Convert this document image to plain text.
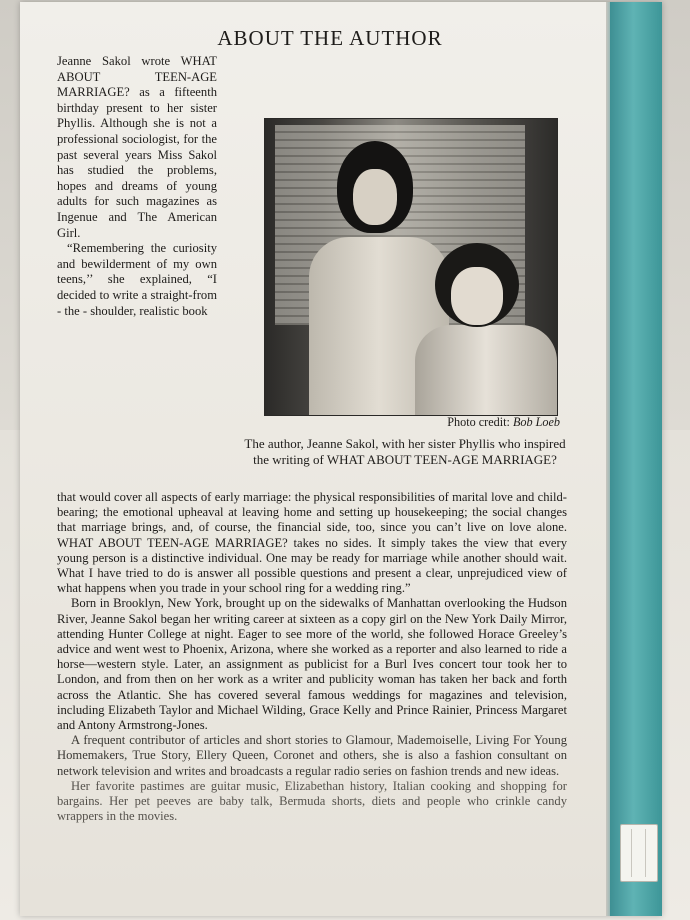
ABOUT THE AUTHOR

Jeanne Sakol wrote WHAT ABOUT TEEN-AGE MARRIAGE? as a fifteenth birthday present to her sister Phyllis. Although she is not a professional sociologist, for the past several years Miss Sakol has studied the problems, hopes and dreams of young adults for such magazines as Ingenue and The American Girl.

“Remembering the curiosity and bewilderment of my own teens,’’ she explained, “I decided to write a straight-from - the - shoulder, realistic book

Photo credit: Bob Loeb

The author, Jeanne Sakol, with her sister Phyllis who inspired the writing of WHAT ABOUT TEEN-AGE MARRIAGE?

that would cover all aspects of early marriage: the physical responsibilities of marital love and child-bearing; the emotional upheaval at leaving home and setting up housekeeping; the social changes that marriage brings, and, of course, the financial side, too, since you can’t live on love alone. WHAT ABOUT TEEN-AGE MARRIAGE? takes no sides. It simply takes the view that every young person is a distinctive individual. One may be ready for marriage while another should wait. What I have tried to do is answer all possible questions and present a clear, unprejudiced view of what happens when you trade in your school ring for a wedding ring.”

Born in Brooklyn, New York, brought up on the sidewalks of Manhattan overlooking the Hudson River, Jeanne Sakol began her writing career at sixteen as a copy girl on the New York Daily Mirror, attending Hunter College at night. Eager to see more of the world, she followed Horace Greeley’s advice and went west to Phoenix, Arizona, where she worked as a reporter and also learned to ride a horse—western style. Later, an assignment as publicist for a Burl Ives concert tour took her to London, and from then on her work as a writer and publicity woman has taken her back and forth across the Atlantic. She has covered several famous weddings for magazines and television, including Elizabeth Taylor and Michael Wilding, Grace Kelly and Prince Rainier, Princess Margaret and Antony Armstrong-Jones.

A frequent contributor of articles and short stories to Glamour, Mademoiselle, Living For Young Homemakers, True Story, Ellery Queen, Coronet and others, she is also a fashion consultant on network television and writes and broadcasts a regular radio series on fashion trends and new ideas.

Her favorite pastimes are guitar music, Elizabethan history, Italian cooking and shopping for bargains. Her pet peeves are baby talk, Bermuda shorts, diets and people who crinkle candy wrappers in the movies.
